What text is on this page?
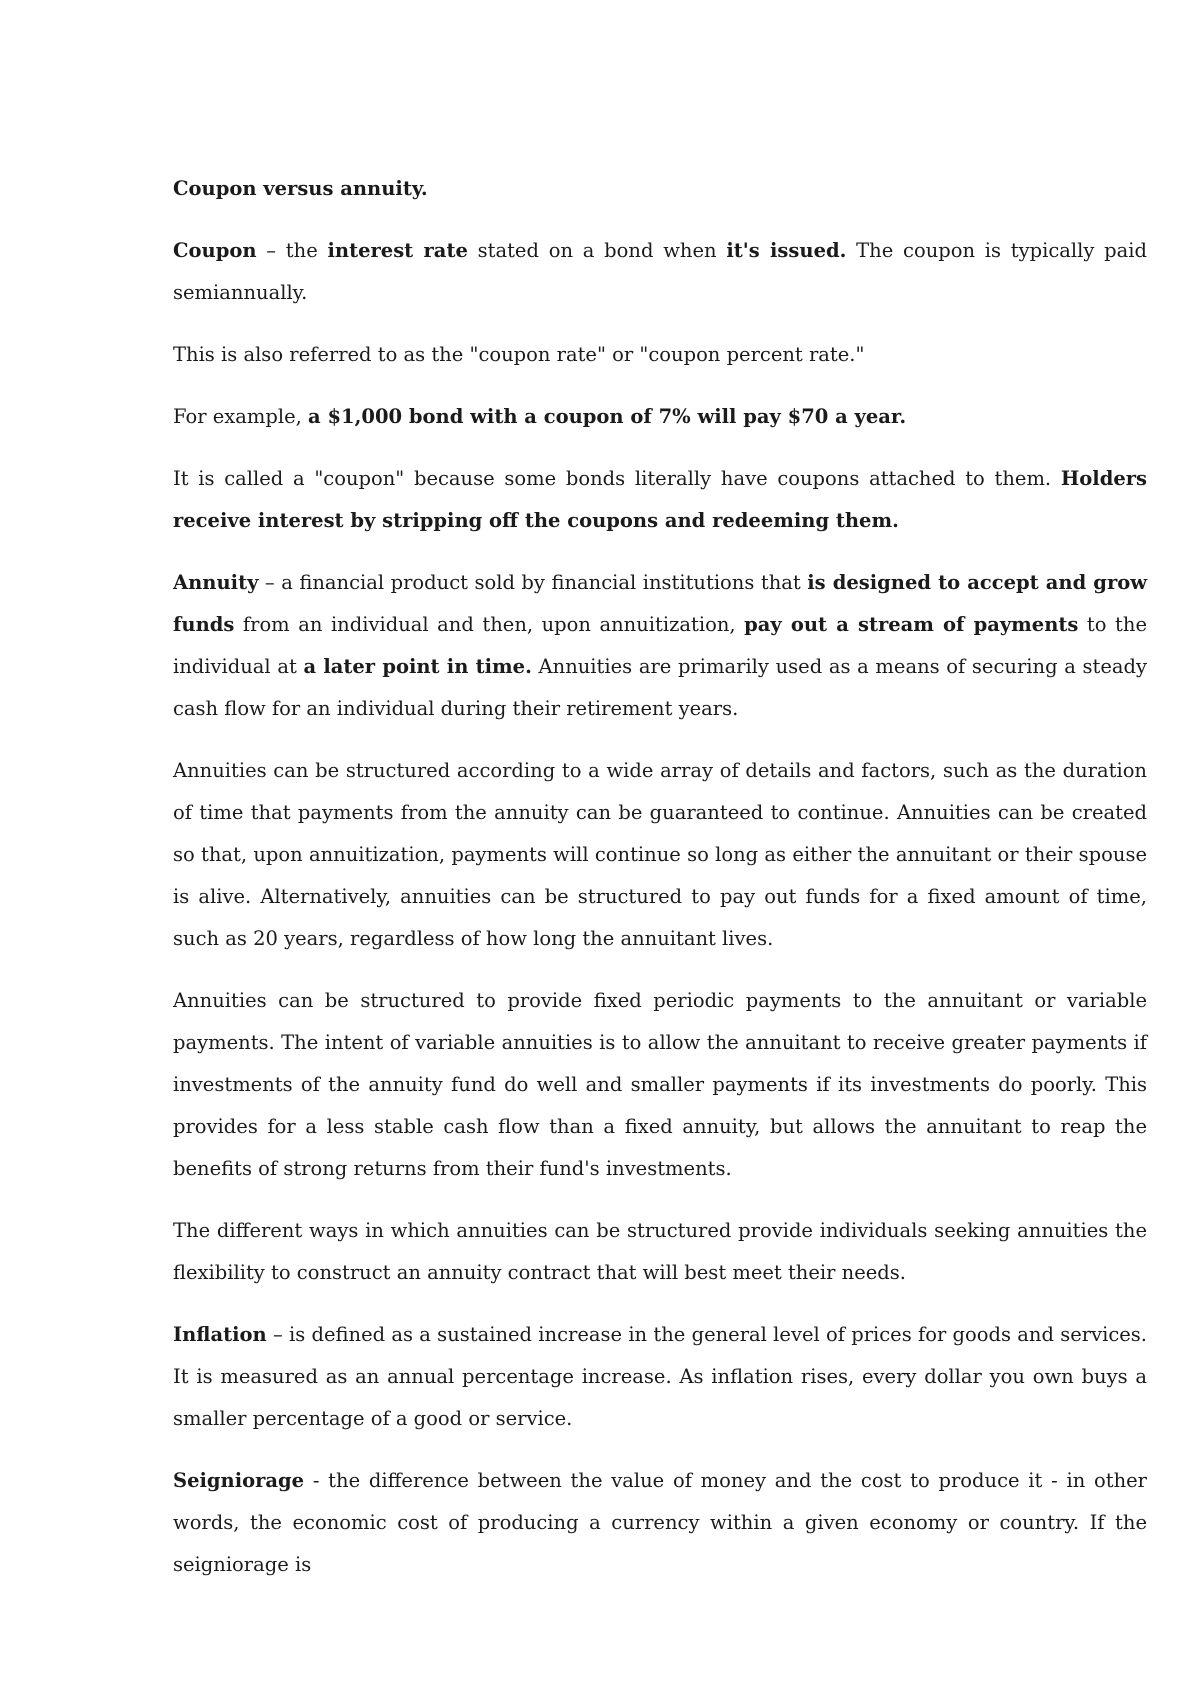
Coupon versus annuity.

Coupon – the interest rate stated on a bond when it's issued. The coupon is typically paid semiannually.

This is also referred to as the "coupon rate" or "coupon percent rate."

For example, a $1,000 bond with a coupon of 7% will pay $70 a year.

It is called a "coupon" because some bonds literally have coupons attached to them. Holders receive interest by stripping off the coupons and redeeming them.

Annuity – a financial product sold by financial institutions that is designed to accept and grow funds from an individual and then, upon annuitization, pay out a stream of payments to the individual at a later point in time. Annuities are primarily used as a means of securing a steady cash flow for an individual during their retirement years.

Annuities can be structured according to a wide array of details and factors, such as the duration of time that payments from the annuity can be guaranteed to continue. Annuities can be created so that, upon annuitization, payments will continue so long as either the annuitant or their spouse is alive. Alternatively, annuities can be structured to pay out funds for a fixed amount of time, such as 20 years, regardless of how long the annuitant lives.

Annuities can be structured to provide fixed periodic payments to the annuitant or variable payments. The intent of variable annuities is to allow the annuitant to receive greater payments if investments of the annuity fund do well and smaller payments if its investments do poorly. This provides for a less stable cash flow than a fixed annuity, but allows the annuitant to reap the benefits of strong returns from their fund's investments.

The different ways in which annuities can be structured provide individuals seeking annuities the flexibility to construct an annuity contract that will best meet their needs.

Inflation – is defined as a sustained increase in the general level of prices for goods and services. It is measured as an annual percentage increase. As inflation rises, every dollar you own buys a smaller percentage of a good or service.

Seigniorage - the difference between the value of money and the cost to produce it - in other words, the economic cost of producing a currency within a given economy or country. If the seigniorage is
